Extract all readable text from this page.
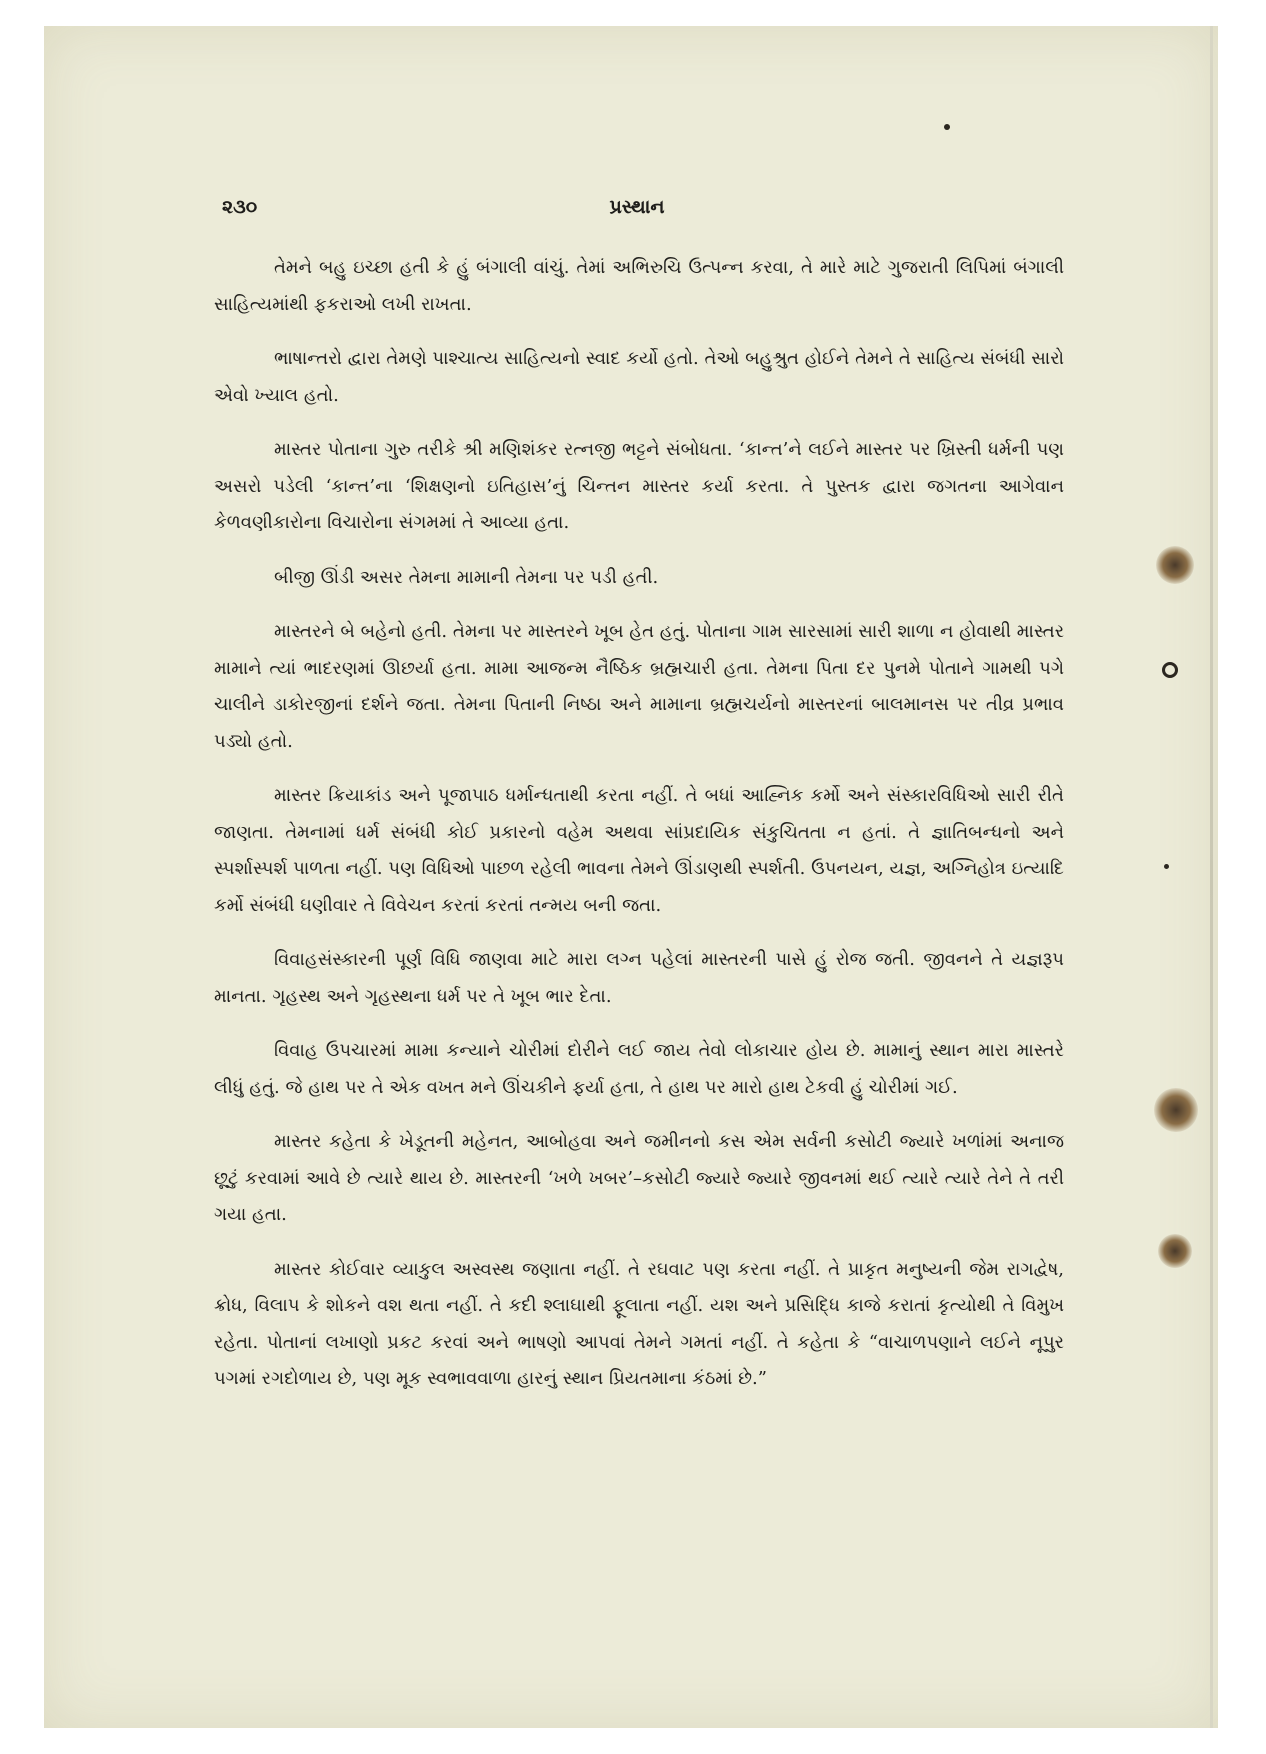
૨૩૦	પ્રસ્થાન

તેમને બહુ ઇચ્છા હતી કે હું બંગાલી વાંચું. તેમાં અભિરુચિ ઉત્પન્ન કરવા, તે મારે માટે ગુજરાતી લિપિમાં બંગાલી સાહિત્યમાંથી ફકરાઓ લખી રાખતા.

ભાષાન્તરો દ્વારા તેમણે પાશ્ચાત્ય સાહિત્યનો સ્વાદ કર્યો હતો. તેઓ બહુશ્રુત હોઈને તેમને તે સાહિત્ય સંબંધી સારો એવો ખ્યાલ હતો.

માસ્તર પોતાના ગુરુ તરીકે શ્રી મણિશંકર રત્નજી ભટ્ટને સંબોધતા. ‘કાન્ત’ને લઈને માસ્તર પર ખ્રિસ્તી ધર્મની પણ અસરો પડેલી ‘કાન્ત’ના ‘શિક્ષણનો ઇતિહાસ’નું ચિન્તન માસ્તર કર્યા કરતા. તે પુસ્તક દ્વારા જગતના આગેવાન કેળવણીકારોના વિચારોના સંગમમાં તે આવ્યા હતા.

બીજી ઊંડી અસર તેમના મામાની તેમના પર પડી હતી.

માસ્તરને બે બહેનો હતી. તેમના પર માસ્તરને ખૂબ હેત હતું. પોતાના ગામ સારસામાં સારી શાળા ન હોવાથી માસ્તર મામાને ત્યાં ભાદરણમાં ઊછર્યા હતા. મામા આજન્મ નૈષ્ઠિક બ્રહ્મચારી હતા. તેમના પિતા દર પુનમે પોતાને ગામથી પગે ચાલીને ડાકોરજીનાં દર્શને જતા. તેમના પિતાની નિષ્ઠા અને મામાના બ્રહ્મચર્યનો માસ્તરનાં બાલમાનસ પર તીવ્ર પ્રભાવ પડ્યો હતો.

માસ્તર ક્રિયાકાંડ અને પૂજાપાઠ ધર્માન્ધતાથી કરતા નહીં. તે બધાં આહ્નિક કર્મો અને સંસ્કારવિધિઓ સારી રીતે જાણતા. તેમનામાં ધર્મ સંબંધી કોઈ પ્રકારનો વહેમ અથવા સાંપ્રદાયિક સંકુચિતતા ન હતાં. તે જ્ઞાતિબન્ધનો અને સ્પર્શાસ્પર્શ પાળતા નહીં. પણ વિધિઓ પાછળ રહેલી ભાવના તેમને ઊંડાણથી સ્પર્શતી. ઉપનયન, યજ્ઞ, અગ્નિહોત્ર ઇત્યાદિ કર્મો સંબંધી ઘણીવાર તે વિવેચન કરતાં કરતાં તન્મય બની જતા.

વિવાહસંસ્કારની પૂર્ણ વિધિ જાણવા માટે મારા લગ્ન પહેલાં માસ્તરની પાસે હું રોજ જતી. જીવનને તે યજ્ઞરૂપ માનતા. ગૃહસ્થ અને ગૃહસ્થના ધર્મ પર તે ખૂબ ભાર દેતા.

વિવાહ ઉપચારમાં મામા કન્યાને ચોરીમાં દોરીને લઈ જાય તેવો લોકાચાર હોય છે. મામાનું સ્થાન મારા માસ્તરે લીધું હતું. જે હાથ પર તે એક વખત મને ઊંચકીને ફર્યા હતા, તે હાથ પર મારો હાથ ટેકવી હું ચોરીમાં ગઈ.

માસ્તર કહેતા કે ખેડૂતની મહેનત, આબોહવા અને જમીનનો કસ એમ સર્વની કસોટી જ્યારે ખળાંમાં અનાજ છૂટું કરવામાં આવે છે ત્યારે થાય છે. માસ્તરની ‘ખળે ખબર’–કસોટી જ્યારે જ્યારે જીવનમાં થઈ ત્યારે ત્યારે તેને તે તરી ગયા હતા.

માસ્તર કોઈવાર વ્યાકુલ અસ્વસ્થ જણાતા નહીં. તે રઘવાટ પણ કરતા નહીં. તે પ્રાકૃત મનુષ્યની જેમ રાગદ્વેષ, ક્રોધ, વિલાપ કે શોકને વશ થતા નહીં. તે કદી શ્લાઘાથી ફૂલાતા નહીં. યશ અને પ્રસિદ્ધિ કાજે કરાતાં કૃત્યોથી તે વિમુખ રહેતા. પોતાનાં લખાણો પ્રકટ કરવાં અને ભાષણો આપવાં તેમને ગમતાં નહીં. તે કહેતા કે “વાચાળપણાને લઈને નૂપુર પગમાં રગદોળાય છે, પણ મૂક સ્વભાવવાળા હારનું સ્થાન પ્રિયતમાના કંઠમાં છે.”
